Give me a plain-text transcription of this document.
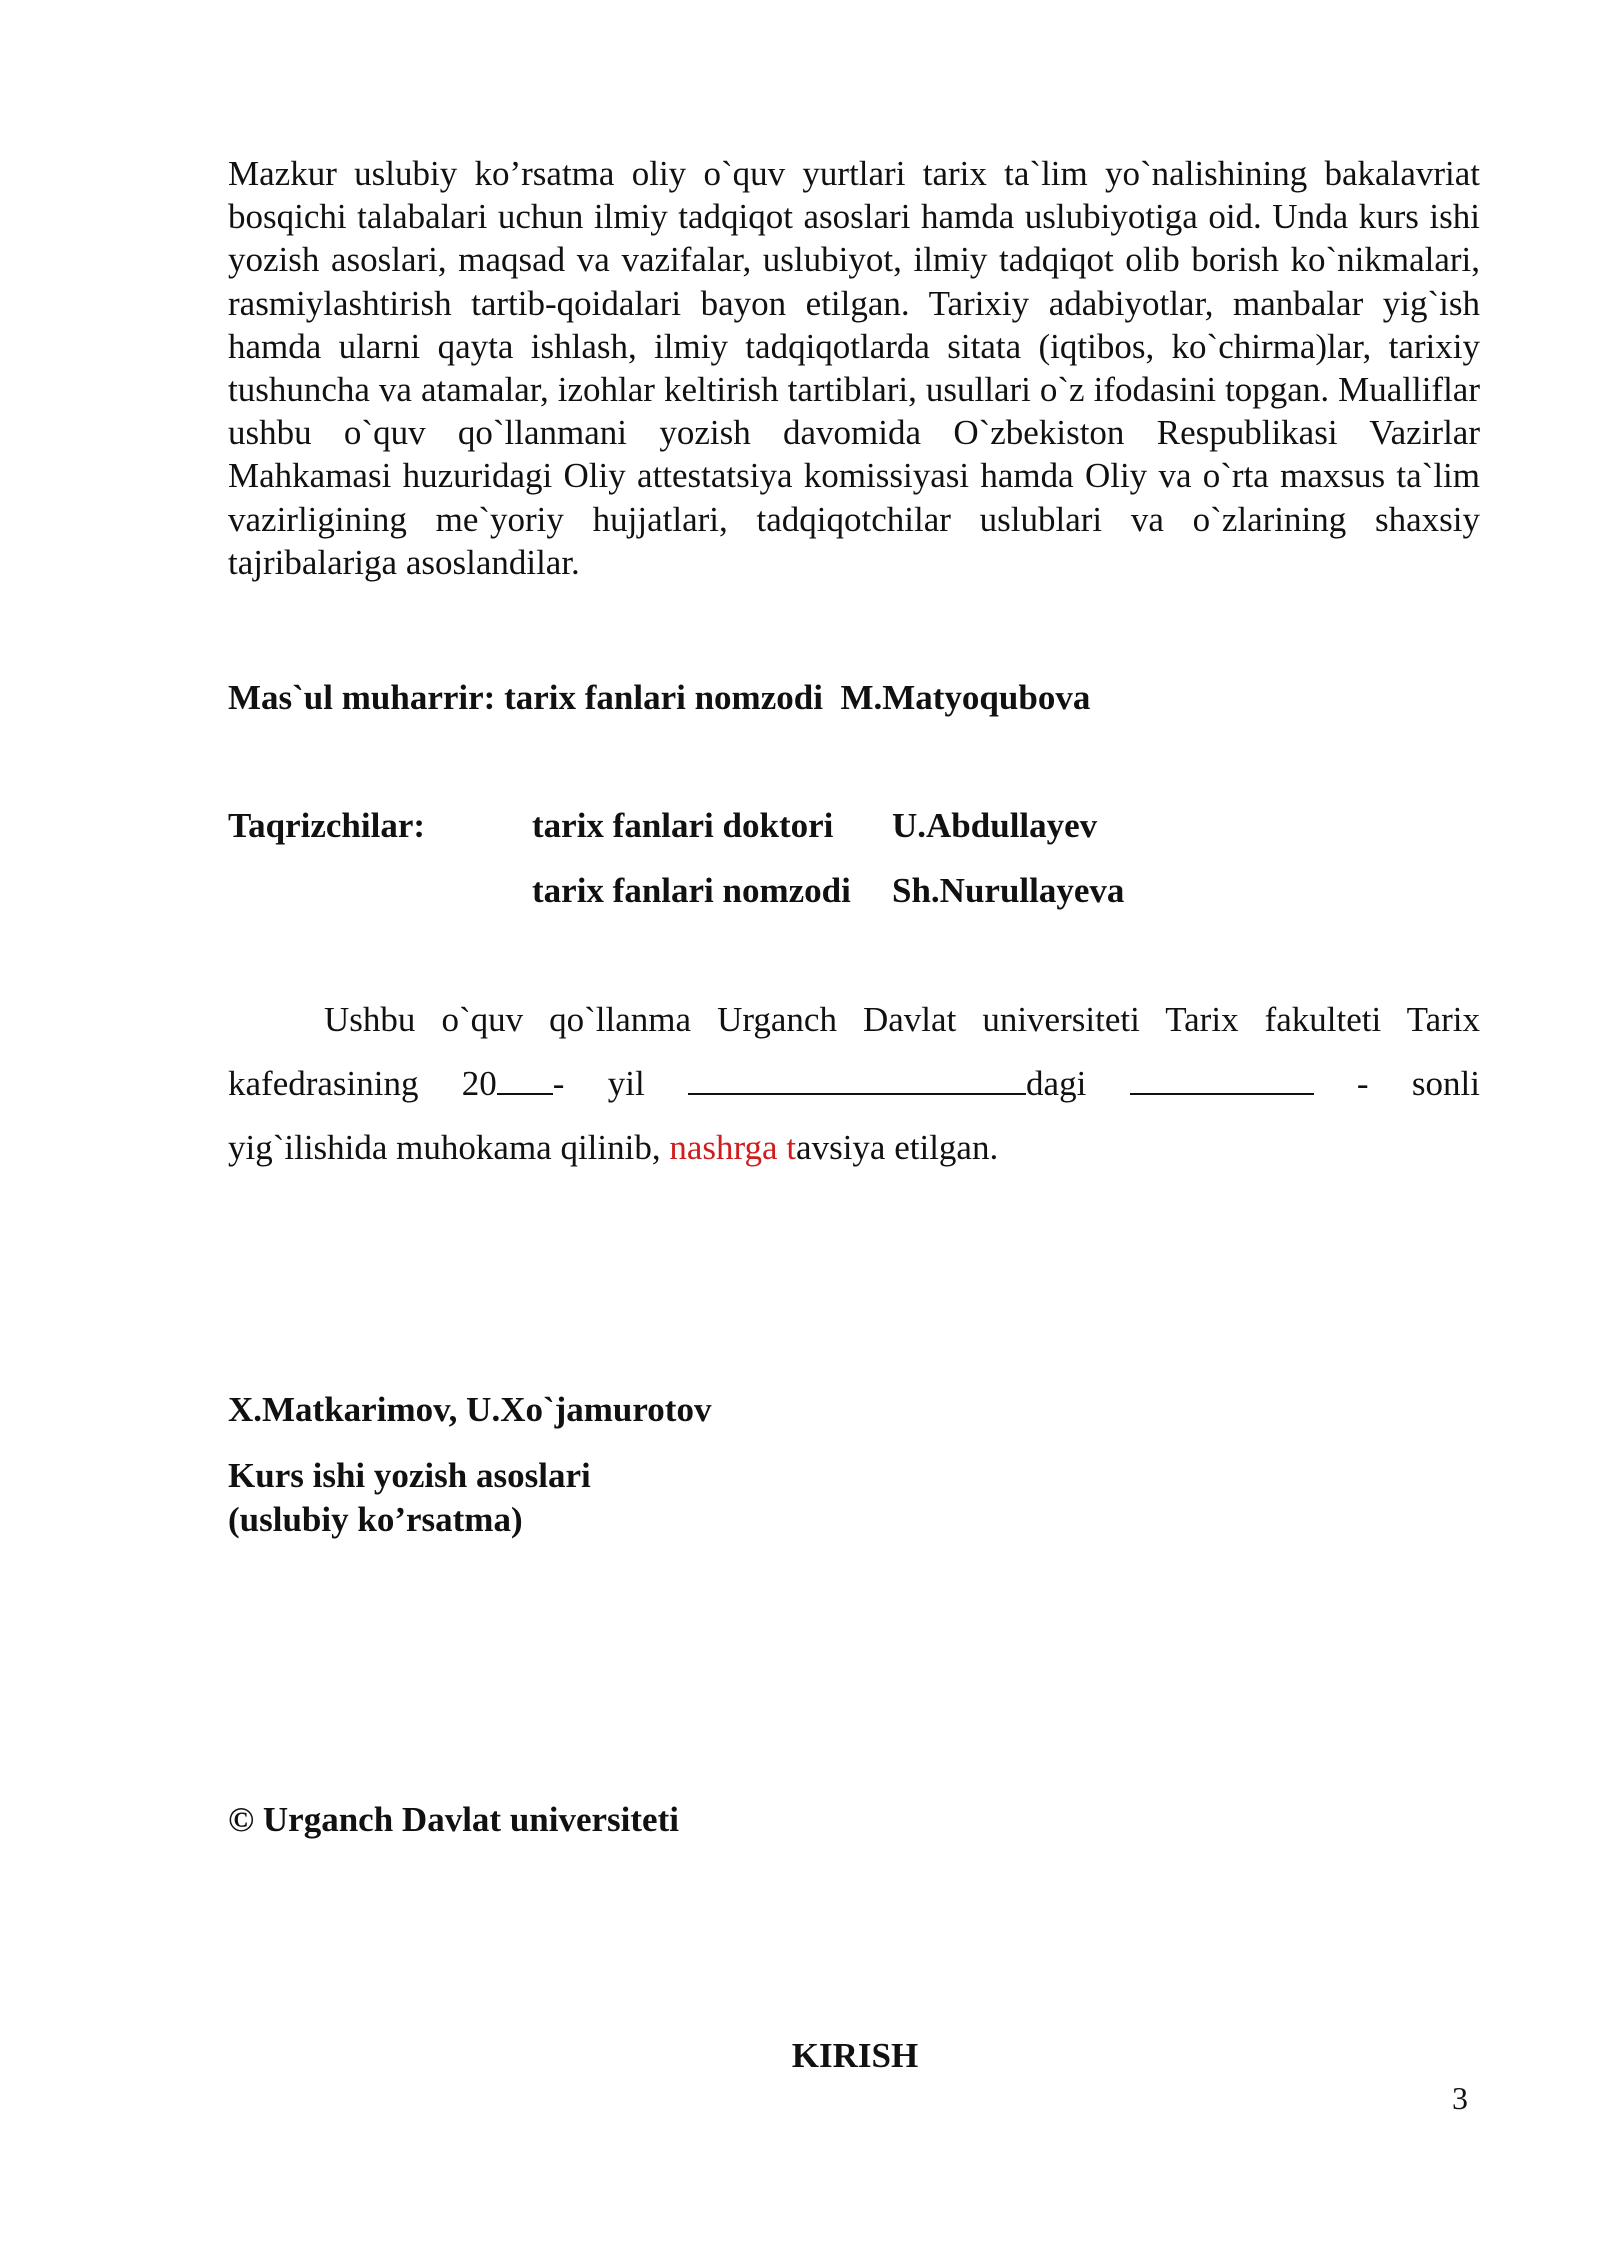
Mazkur uslubiy ko’rsatma oliy o`quv yurtlari tarix ta`lim yo`nalishining bakalavriat bosqichi talabalari uchun ilmiy tadqiqot asoslari hamda uslubiyotiga oid. Unda kurs ishi yozish asoslari, maqsad va vazifalar, uslubiyot, ilmiy tadqiqot olib borish ko`nikmalari, rasmiylashtirish tartib-qoidalari bayon etilgan. Tarixiy adabiyotlar, manbalar yig`ish hamda ularni qayta ishlash, ilmiy tadqiqotlarda sitata (iqtibos, ko`chirma)lar, tarixiy tushuncha va atamalar, izohlar keltirish tartiblari, usullari o`z ifodasini topgan. Mualliflar ushbu o`quv qo`llanmani yozish davomida O`zbekiston Respublikasi Vazirlar Mahkamasi huzuridagi Oliy attestatsiya komissiyasi hamda Oliy va o`rta maxsus ta`lim vazirligining me`yoriy hujjatlari, tadqiqotchilar uslublari va o`zlarining shaxsiy tajribalariga asoslandilar.

Mas`ul muharrir: tarix fanlari nomzodi M.Matyoqubova

Taqrizchilar:	tarix fanlari doktori U.Abdullayev

tarix fanlari nomzodi Sh.Nurullayeva

Ushbu o`quv qo`llanma Urganch Davlat universiteti Tarix fakulteti Tarix

kafedrasining 20 - yil	dagi	- sonli

yig`ilishida muhokama qilinib, nashrga tavsiya etilgan.

X.Matkarimov, U.Xo`jamurotov

Kurs ishi yozish asoslari
(uslubiy ko’rsatma)

© Urganch Davlat universiteti

KIRISH

3
